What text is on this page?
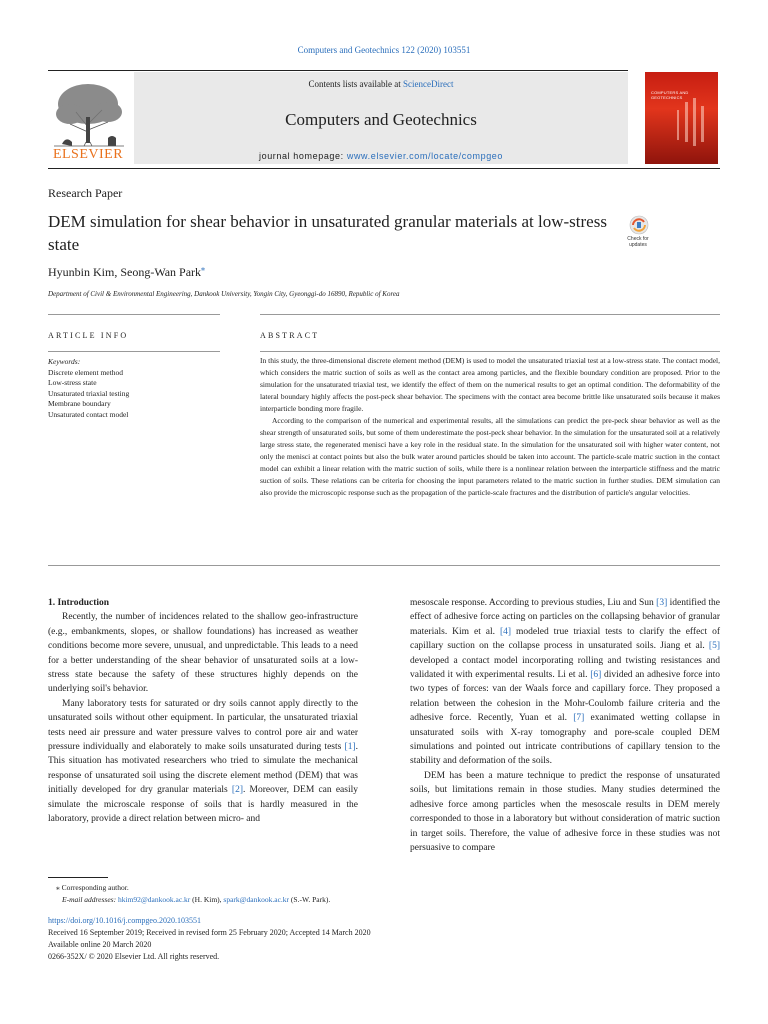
Computers and Geotechnics 122 (2020) 103551
ELSEVIER
Contents lists available at ScienceDirect
Computers and Geotechnics
journal homepage: www.elsevier.com/locate/compgeo
COMPUTERS AND GEOTECHNICS
Research Paper
DEM simulation for shear behavior in unsaturated granular materials at low-stress state	Check for updates
Hyunbin Kim, Seong-Wan Park⁎
Department of Civil & Environmental Engineering, Dankook University, Yongin City, Gyeonggi-do 16890, Republic of Korea
ARTICLE INFO	ABSTRACT
Keywords:
Discrete element method
Low-stress state
Unsaturated triaxial testing
Membrane boundary
Unsaturated contact model

In this study, the three-dimensional discrete element method (DEM) is used to model the unsaturated triaxial test at a low-stress state. The contact model, which considers the matric suction of soils as well as the contact area among particles, and the flexible boundary condition are proposed. Prior to the simulation for the unsaturated triaxial test, we identify the effect of them on the numerical results to get an optimal condition. The deformability of the lateral boundary highly affects the post-peck shear behavior. The specimens with the contact area become brittle like unsaturated soils because it makes interparticle bonding more fragile.

According to the comparison of the numerical and experimental results, all the simulations can predict the pre-peck shear behavior as well as the shear strength of unsaturated soils, but some of them underestimate the post-peck shear behavior. In the simulation for the unsaturated soil at a relatively large stress state, the regenerated menisci have a key role in the residual state. In the simulation for the unsaturated soil with higher water content, not only the menisci at contact points but also the bulk water around particles should be taken into account. The particle-scale matric suction in the contact model can exhibit a linear relation with the matric suction of soils, while there is a nonlinear relation between the interparticle stiffness and the matric suction of soils. These relations can be criteria for choosing the input parameters related to the matric suction in further studies. DEM simulation can also provide the microscopic response such as the propagation of the particle-scale fractures and the distribution of particle's angular velocities.

1. Introduction

Recently, the number of incidences related to the shallow geo-infrastructure (e.g., embankments, slopes, or shallow foundations) has increased as weather conditions become more severe, unusual, and unpredictable. This leads to a need for a better understanding of the shear behavior of unsaturated soils at a low-stress state because the safety of these structures highly depends on the underlying soil's behavior.

Many laboratory tests for saturated or dry soils cannot apply directly to the unsaturated soils without other equipment. In particular, the unsaturated triaxial tests need air pressure and water pressure valves to control pore air and water pressure individually and elaborately to make soils unsaturated during tests [1]. This situation has motivated researchers who tried to simulate the mechanical response of unsaturated soil using the discrete element method (DEM) that was initially developed for dry granular materials [2]. Moreover, DEM can easily simulate the microscale response of soils that is hardly measured in the laboratory, provide a direct relation between micro- and

mesoscale response. According to previous studies, Liu and Sun [3] identified the effect of adhesive force acting on particles on the collapsing behavior of granular materials. Kim et al. [4] modeled true triaxial tests to clarify the effect of capillary suction on the collapse process in unsaturated soils. Jiang et al. [5] developed a contact model incorporating rolling and twisting resistances and validated it with experimental results. Li et al. [6] divided an adhesive force into two types of forces: van der Waals force and capillary force. They proposed a relation between the cohesion in the Mohr-Coulomb failure criteria and the adhesive force. Recently, Yuan et al. [7] exanimated wetting collapse in unsaturated soils with X-ray tomography and pore-scale coupled DEM simulations and pointed out intricate contributions of capillary tension to the stability and deformation of the soils.

DEM has been a mature technique to predict the response of unsaturated soils, but limitations remain in those studies. Many studies determined the adhesive force among particles when the mesoscale results in DEM merely corresponded to those in a laboratory but without consideration of matric suction in target soils. Therefore, the value of adhesive force in these studies was not persuasive to compare

⁎ Corresponding author.
E-mail addresses: hkim92@dankook.ac.kr (H. Kim), spark@dankook.ac.kr (S.-W. Park).
https://doi.org/10.1016/j.compgeo.2020.103551
Received 16 September 2019; Received in revised form 25 February 2020; Accepted 14 March 2020
Available online 20 March 2020
0266-352X/ © 2020 Elsevier Ltd. All rights reserved.
